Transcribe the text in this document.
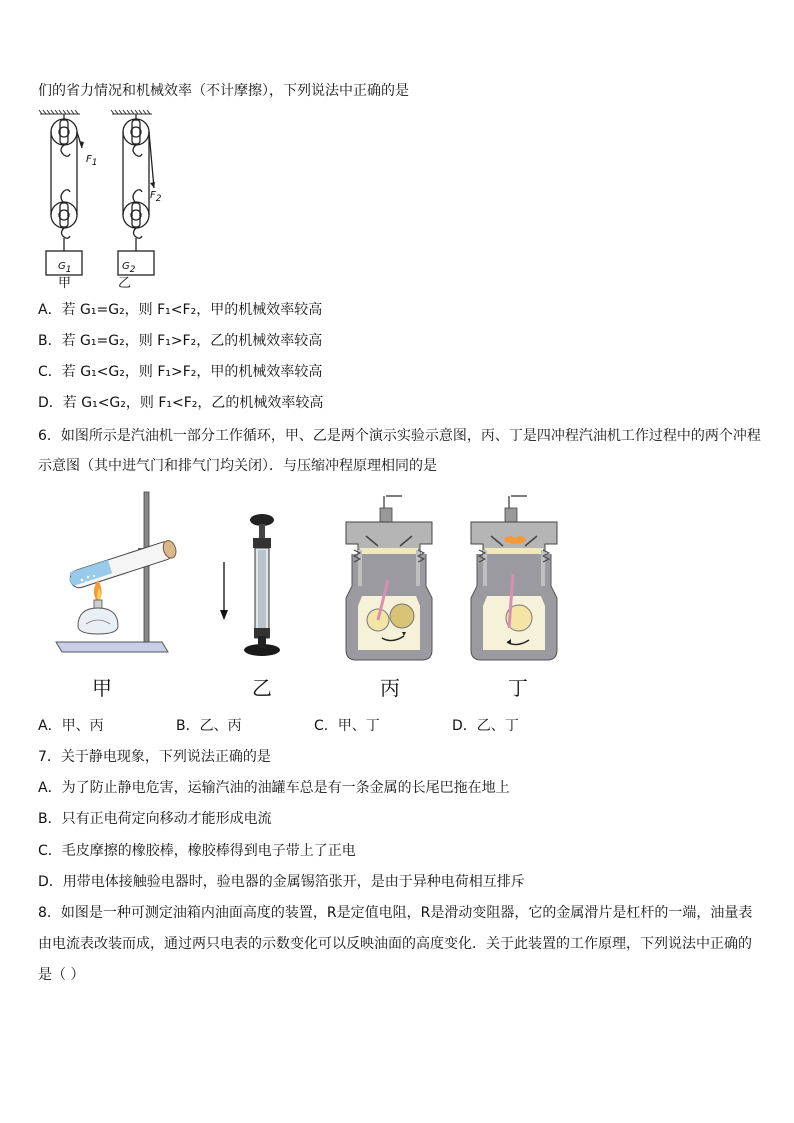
们的省力情况和机械效率（不计摩擦），下列说法中正确的是
$F_1$
$F_2$
$G_1$	$G_2$
甲	乙
A．若 G₁=G₂，则 F₁<F₂，甲的机械效率较高
B．若 G₁=G₂，则 F₁>F₂，乙的机械效率较高
C．若 G₁<G₂，则 F₁>F₂，甲的机械效率较高
D．若 G₁<G₂，则 F₁<F₂，乙的机械效率较高
6．如图所示是汽油机一部分工作循环，甲、乙是两个演示实验示意图，丙、丁是四冲程汽油机工作过程中的两个冲程
示意图（其中进气门和排气门均关闭）．与压缩冲程原理相同的是
甲	乙	丙	丁
A．甲、丙	B．乙、丙	C．甲、丁	D．乙、丁
7．关于静电现象，下列说法正确的是
A．为了防止静电危害，运输汽油的油罐车总是有一条金属的长尾巴拖在地上
B．只有正电荷定向移动才能形成电流
C．毛皮摩擦的橡胶棒，橡胶棒得到电子带上了正电
D．用带电体接触验电器时，验电器的金属锡箔张开，是由于异种电荷相互排斥
8．如图是一种可测定油箱内油面高度的装置，R是定值电阻，R是滑动变阻器，它的金属滑片是杠杆的一端，油量表
由电流表改装而成，通过两只电表的示数变化可以反映油面的高度变化．关于此装置的工作原理，下列说法中正确的
是（ ）
